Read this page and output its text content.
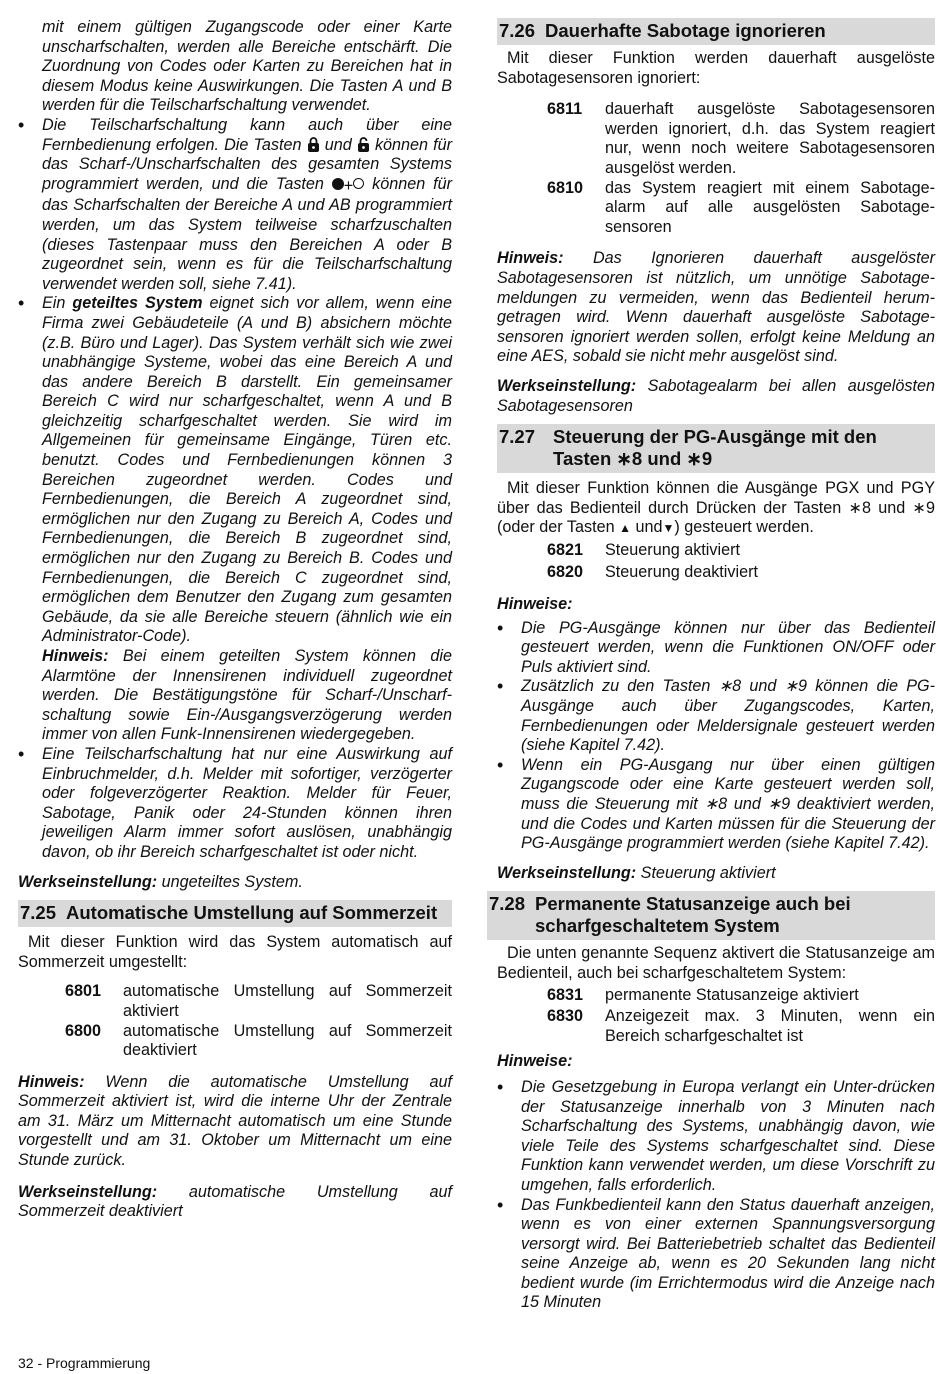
mit einem gültigen Zugangscode oder einer Karte unscharfschalten, werden alle Bereiche entschärft. Die Zuordnung von Codes oder Karten zu Bereichen hat in diesem Modus keine Auswirkungen. Die Tasten A und B werden für die Teilscharfschaltung verwendet.

• Die Teilscharfschaltung kann auch über eine Fernbedienung erfolgen. Die Tasten und können für das Scharf-/Unscharfschalten des gesamten Systems programmiert werden, und die Tasten + können für das Scharfschalten der Bereiche A und AB programmiert werden, um das System teilweise scharfzuschalten (dieses Tastenpaar muss den Bereichen A oder B zugeordnet sein, wenn es für die Teilscharfschaltung verwendet werden soll, siehe 7.41).
• Ein geteiltes System eignet sich vor allem, wenn eine Firma zwei Gebäudeteile (A und B) absichern möchte (z.B. Büro und Lager). Das System verhält sich wie zwei unabhängige Systeme, wobei das eine Bereich A und das andere Bereich B darstellt. Ein gemeinsamer Bereich C wird nur scharfgeschaltet, wenn A und B gleichzeitig scharfgeschaltet werden. Sie wird im Allgemeinen für gemeinsame Eingänge, Türen etc. benutzt. Codes und Fernbedienungen können 3 Bereichen zugeordnet werden. Codes und Fernbedienungen, die Bereich A zugeordnet sind, ermöglichen nur den Zugang zu Bereich A, Codes und Fernbedienungen, die Bereich B zugeordnet sind, ermöglichen nur den Zugang zu Bereich B. Codes und Fernbedienungen, die Bereich C zugeordnet sind, ermöglichen dem Benutzer den Zugang zum gesamten Gebäude, da sie alle Bereiche steuern (ähnlich wie ein Administrator-Code).
Hinweis: Bei einem geteilten System können die Alarmtöne der Innensirenen individuell zugeordnet werden. Die Bestätigungstöne für Scharf-/Unscharf-schaltung sowie Ein-/Ausgangsverzögerung werden immer von allen Funk-Innensirenen wiedergegeben.
• Eine Teilscharfschaltung hat nur eine Auswirkung auf Einbruchmelder, d.h. Melder mit sofortiger, verzögerter oder folgeverzögerter Reaktion. Melder für Feuer, Sabotage, Panik oder 24-Stunden können ihren jeweiligen Alarm immer sofort auslösen, unabhängig davon, ob ihr Bereich scharfgeschaltet ist oder nicht.

Werkseinstellung: ungeteiltes System.

7.25 Automatische Umstellung auf Sommerzeit

Mit dieser Funktion wird das System automatisch auf Sommerzeit umgestellt:

6801	automatische Umstellung auf Sommerzeit aktiviert
6800	automatische Umstellung auf Sommerzeit deaktiviert

Hinweis: Wenn die automatische Umstellung auf Sommerzeit aktiviert ist, wird die interne Uhr der Zentrale am 31. März um Mitternacht automatisch um eine Stunde vorgestellt und am 31. Oktober um Mitternacht um eine Stunde zurück.

Werkseinstellung: automatische Umstellung auf Sommerzeit deaktiviert

7.26 Dauerhafte Sabotage ignorieren

Mit dieser Funktion werden dauerhaft ausgelöste Sabotagesensoren ignoriert:

6811	dauerhaft ausgelöste Sabotagesensoren werden ignoriert, d.h. das System reagiert nur, wenn noch weitere Sabotagesensoren ausgelöst werden.
6810	das System reagiert mit einem Sabotage-alarm auf alle ausgelösten Sabotage-sensoren

Hinweis: Das Ignorieren dauerhaft ausgelöster Sabotagesensoren ist nützlich, um unnötige Sabotage-meldungen zu vermeiden, wenn das Bedienteil herum-getragen wird. Wenn dauerhaft ausgelöste Sabotage-sensoren ignoriert werden sollen, erfolgt keine Meldung an eine AES, sobald sie nicht mehr ausgelöst sind.

Werkseinstellung: Sabotagealarm bei allen ausgelösten Sabotagesensoren

7.27 Steuerung der PG-Ausgänge mit den Tasten ∗8 und ∗9

Mit dieser Funktion können die Ausgänge PGX und PGY über das Bedienteil durch Drücken der Tasten ∗8 und ∗9 (oder der Tasten ▲ und▼) gesteuert werden.

6821	Steuerung aktiviert
6820	Steuerung deaktiviert

Hinweise:

• Die PG-Ausgänge können nur über das Bedienteil gesteuert werden, wenn die Funktionen ON/OFF oder Puls aktiviert sind.
• Zusätzlich zu den Tasten ∗8 und ∗9 können die PG-Ausgänge auch über Zugangscodes, Karten, Fernbedienungen oder Meldersignale gesteuert werden (siehe Kapitel 7.42).
• Wenn ein PG-Ausgang nur über einen gültigen Zugangscode oder eine Karte gesteuert werden soll, muss die Steuerung mit ∗8 und ∗9 deaktiviert werden, und die Codes und Karten müssen für die Steuerung der PG-Ausgänge programmiert werden (siehe Kapitel 7.42).

Werkseinstellung: Steuerung aktiviert

7.28 Permanente Statusanzeige auch bei scharfgeschaltetem System

Die unten genannte Sequenz aktivert die Statusanzeige am Bedienteil, auch bei scharfgeschaltetem System:

6831	permanente Statusanzeige aktiviert
6830	Anzeigezeit max. 3 Minuten, wenn ein Bereich scharfgeschaltet ist

Hinweise:

• Die Gesetzgebung in Europa verlangt ein Unter-drücken der Statusanzeige innerhalb von 3 Minuten nach Scharfschaltung des Systems, unabhängig davon, wie viele Teile des Systems scharfgeschaltet sind. Diese Funktion kann verwendet werden, um diese Vorschrift zu umgehen, falls erforderlich.
• Das Funkbedienteil kann den Status dauerhaft anzeigen, wenn es von einer externen Spannungsversorgung versorgt wird. Bei Batteriebetrieb schaltet das Bedienteil seine Anzeige ab, wenn es 20 Sekunden lang nicht bedient wurde (im Errichtermodus wird die Anzeige nach 15 Minuten
32 - Programmierung
